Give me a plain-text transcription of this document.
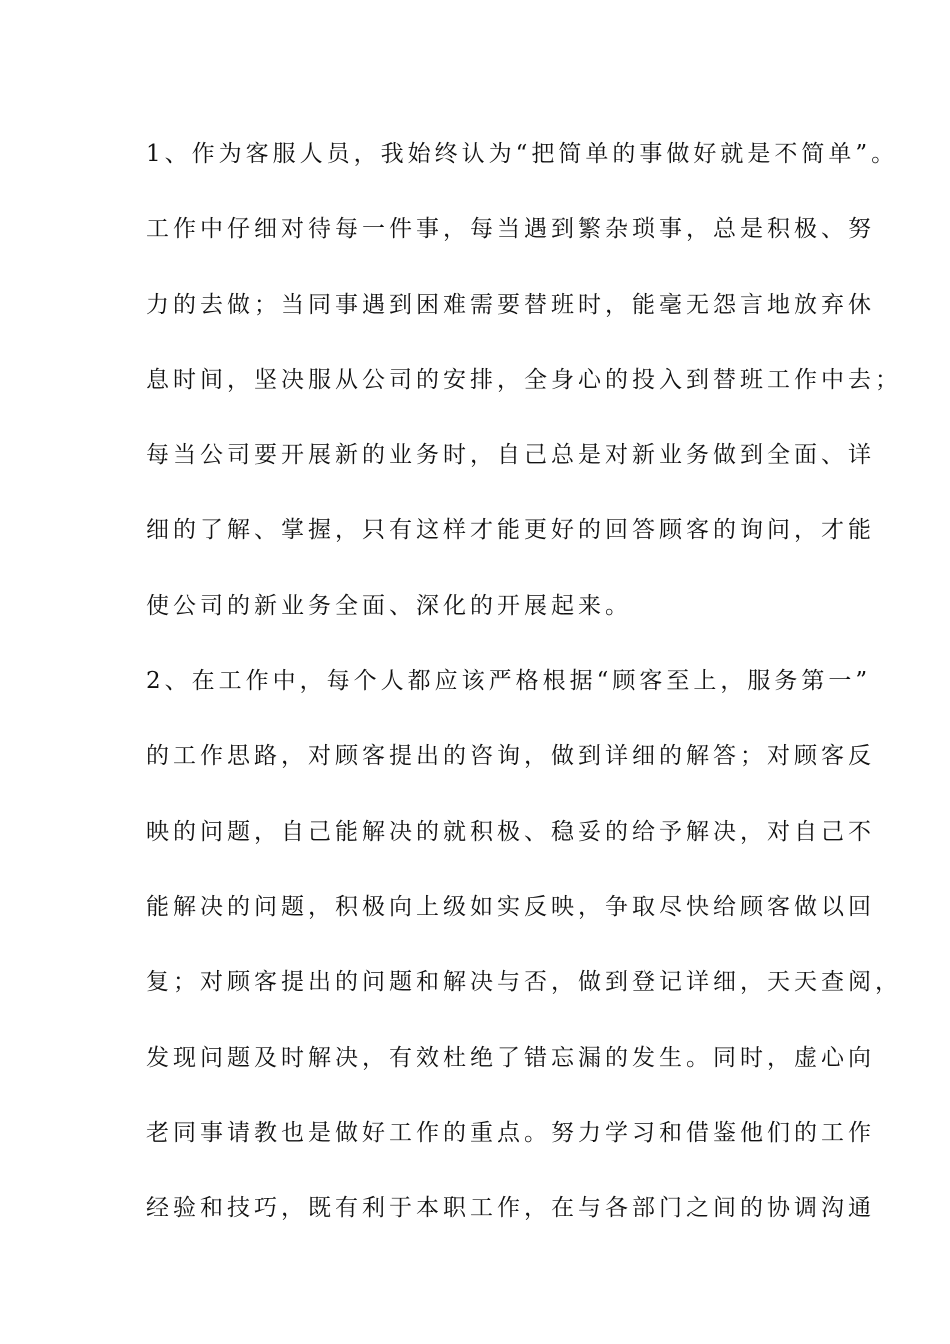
1、作为客服人员，我始终认为“把简单的事做好就是不简单”。
工作中仔细对待每一件事，每当遇到繁杂琐事，总是积极、努
力的去做；当同事遇到困难需要替班时，能毫无怨言地放弃休
息时间，坚决服从公司的安排，全身心的投入到替班工作中去；
每当公司要开展新的业务时，自己总是对新业务做到全面、详
细的了解、掌握，只有这样才能更好的回答顾客的询问，才能
使公司的新业务全面、深化的开展起来。
2、在工作中，每个人都应该严格根据“顾客至上，服务第一”
的工作思路，对顾客提出的咨询，做到详细的解答；对顾客反
映的问题，自己能解决的就积极、稳妥的给予解决，对自己不
能解决的问题，积极向上级如实反映，争取尽快给顾客做以回
复；对顾客提出的问题和解决与否，做到登记详细，天天查阅，
发现问题及时解决，有效杜绝了错忘漏的发生。同时，虚心向
老同事请教也是做好工作的重点。努力学习和借鉴他们的工作
经验和技巧，既有利于本职工作，在与各部门之间的协调沟通
